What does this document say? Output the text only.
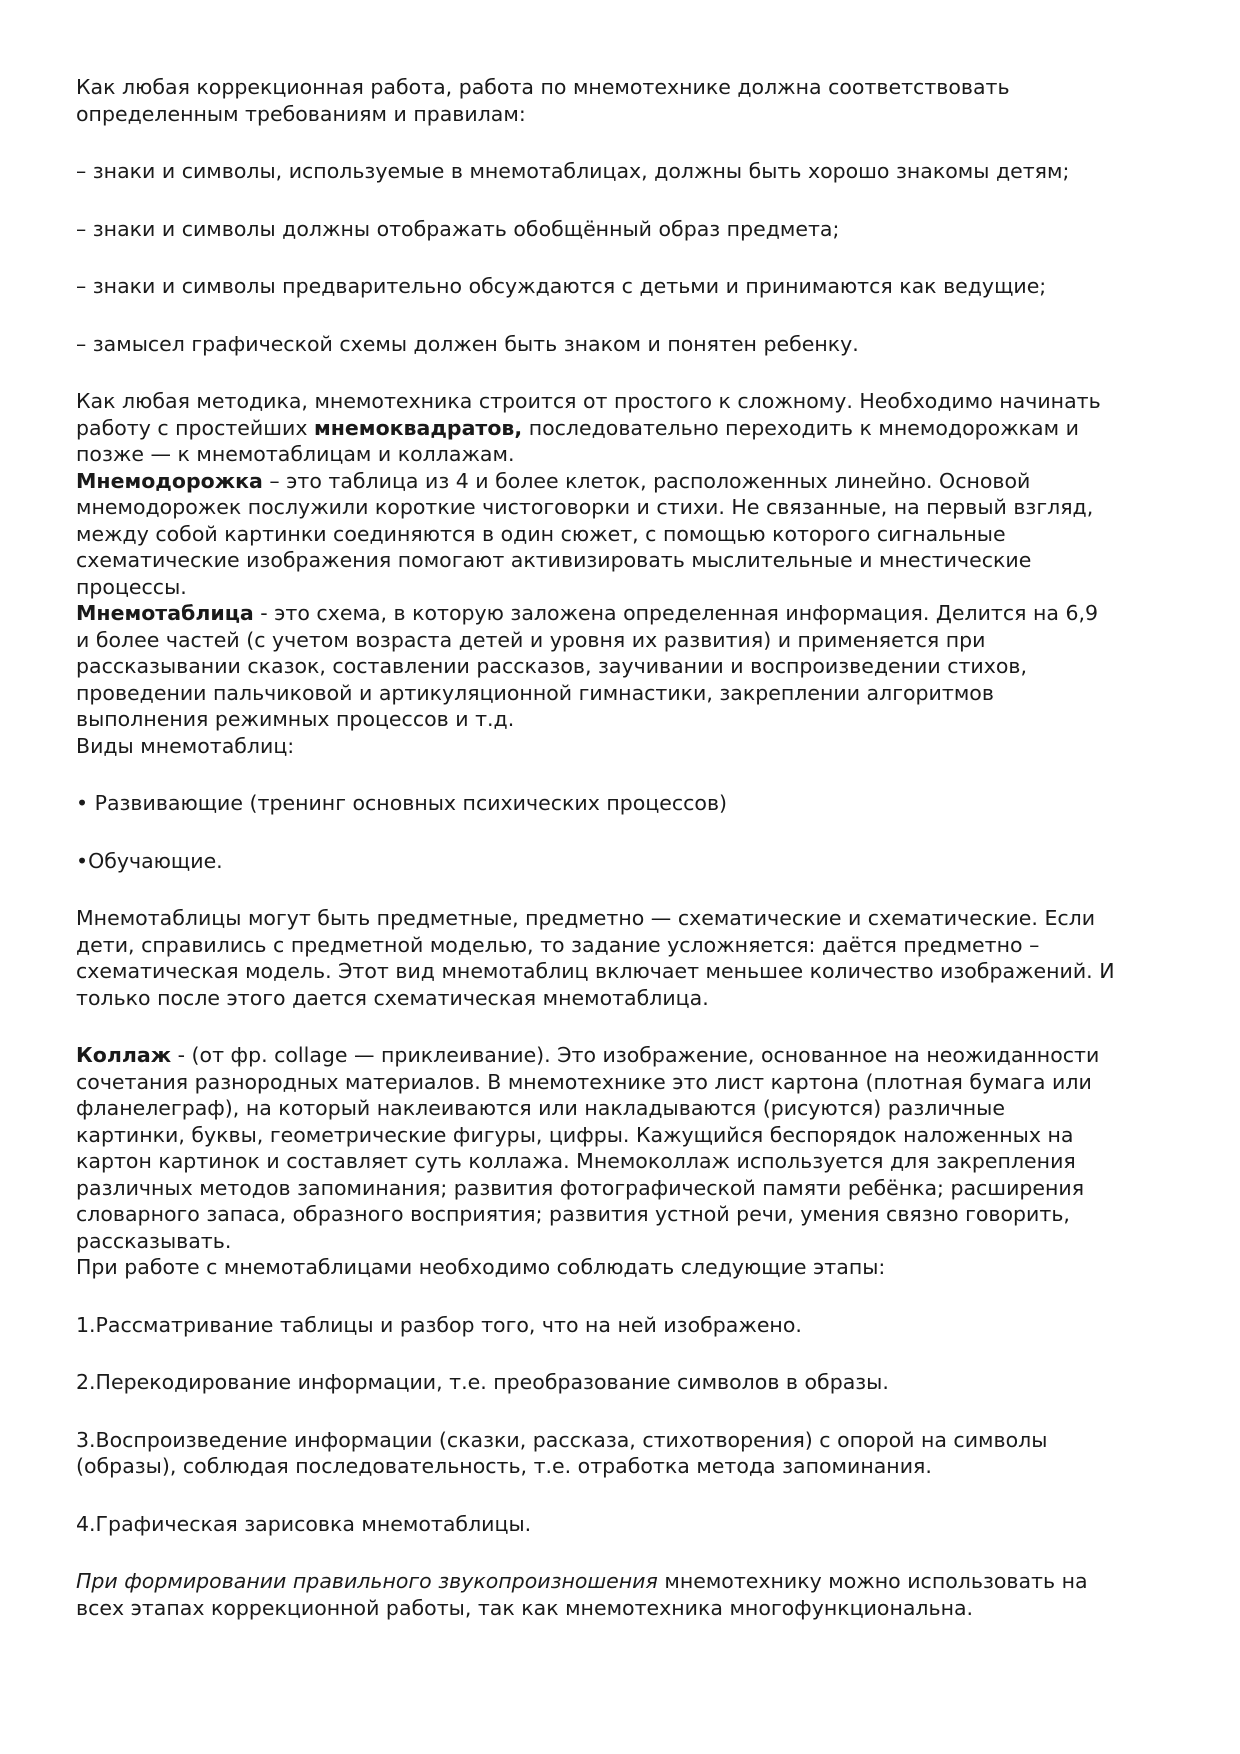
Как любая коррекционная работа, работа по мнемотехнике должна соответствовать
определенным требованиям и правилам:

– знаки и символы, используемые в мнемотаблицах, должны быть хорошо знакомы детям;

– знаки и символы должны отображать обобщённый образ предмета;

– знаки и символы предварительно обсуждаются с детьми и принимаются как ведущие;

– замысел графической схемы должен быть знаком и понятен ребенку.

Как любая методика, мнемотехника строится от простого к сложному. Необходимо начинать
работу с простейших мнемоквадратов, последовательно переходить к мнемодорожкам и
позже — к мнемотаблицам и коллажам.

Мнемодорожка – это таблица из 4 и более клеток, расположенных линейно. Основой
мнемодорожек послужили короткие чистоговорки и стихи. Не связанные, на первый взгляд,
между собой картинки соединяются в один сюжет, с помощью которого сигнальные
схематические изображения помогают активизировать мыслительные и мнестические
процессы.

Мнемотаблица - это схема, в которую заложена определенная информация. Делится на 6,9
и более частей (с учетом возраста детей и уровня их развития) и применяется при
рассказывании сказок, составлении рассказов, заучивании и воспроизведении стихов,
проведении пальчиковой и артикуляционной гимнастики, закреплении алгоритмов
выполнения режимных процессов и т.д.
Виды мнемотаблиц:

• Развивающие (тренинг основных психических процессов)

•Обучающие.

Мнемотаблицы могут быть предметные, предметно — схематические и схематические. Если
дети, справились с предметной моделью, то задание усложняется: даётся предметно –
схематическая модель. Этот вид мнемотаблиц включает меньшее количество изображений. И
только после этого дается схематическая мнемотаблица.

Коллаж - (от фр. collage — приклеивание). Это изображение, основанное на неожиданности
сочетания разнородных материалов. В мнемотехнике это лист картона (плотная бумага или
фланелеграф), на который наклеиваются или накладываются (рисуются) различные
картинки, буквы, геометрические фигуры, цифры. Кажущийся беспорядок наложенных на
картон картинок и составляет суть коллажа. Мнемоколлаж используется для закрепления
различных методов запоминания; развития фотографической памяти ребёнка; расширения
словарного запаса, образного восприятия; развития устной речи, умения связно говорить,
рассказывать.
При работе с мнемотаблицами необходимо соблюдать следующие этапы:

1.Рассматривание таблицы и разбор того, что на ней изображено.

2.Перекодирование информации, т.е. преобразование символов в образы.

3.Воспроизведение информации (сказки, рассказа, стихотворения) с опорой на символы
(образы), соблюдая последовательность, т.е. отработка метода запоминания.

4.Графическая зарисовка мнемотаблицы.

При формировании правильного звукопроизношения мнемотехнику можно использовать на
всех этапах коррекционной работы, так как мнемотехника многофункциональна.
